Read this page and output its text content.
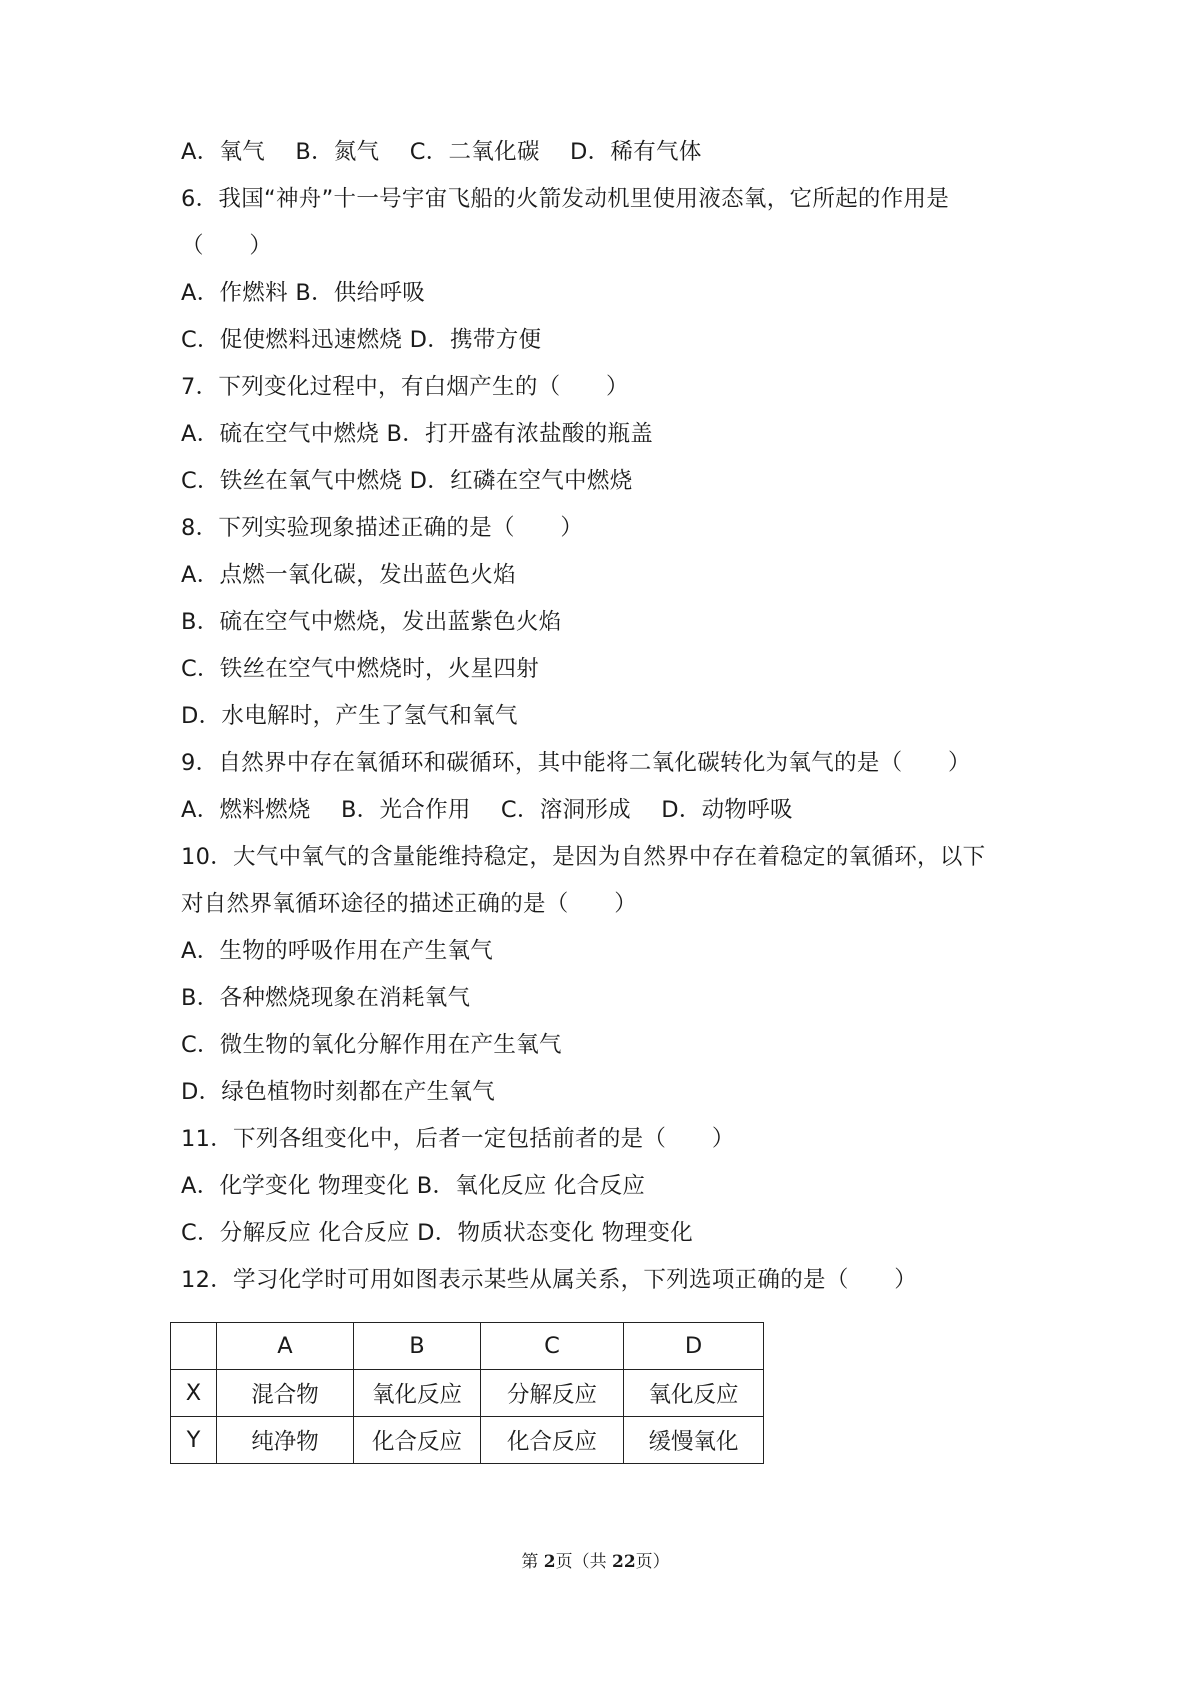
A．氧气　 B．氮气　 C．二氧化碳　 D．稀有气体
6．我国“神舟”十一号宇宙飞船的火箭发动机里使用液态氧，它所起的作用是
（　　）
A．作燃料 B．供给呼吸
C．促使燃料迅速燃烧 D．携带方便
7．下列变化过程中，有白烟产生的（　　）
A．硫在空气中燃烧 B．打开盛有浓盐酸的瓶盖
C．铁丝在氧气中燃烧 D．红磷在空气中燃烧
8．下列实验现象描述正确的是（　　）
A．点燃一氧化碳，发出蓝色火焰
B．硫在空气中燃烧，发出蓝紫色火焰
C．铁丝在空气中燃烧时，火星四射
D．水电解时，产生了氢气和氧气
9．自然界中存在氧循环和碳循环，其中能将二氧化碳转化为氧气的是（　　）
A．燃料燃烧　 B．光合作用　 C．溶洞形成　 D．动物呼吸
10．大气中氧气的含量能维持稳定，是因为自然界中存在着稳定的氧循环，以下
对自然界氧循环途径的描述正确的是（　　）
A．生物的呼吸作用在产生氧气
B．各种燃烧现象在消耗氧气
C．微生物的氧化分解作用在产生氧气
D．绿色植物时刻都在产生氧气
11．下列各组变化中，后者一定包括前者的是（　　）
A．化学变化 物理变化 B．氧化反应 化合反应
C．分解反应 化合反应 D．物质状态变化 物理变化
12．学习化学时可用如图表示某些从属关系，下列选项正确的是（　　）
	A	B	C	D
X	混合物	氧化反应	分解反应	氧化反应
Y	纯净物	化合反应	化合反应	缓慢氧化
第 2页（共 22页）
